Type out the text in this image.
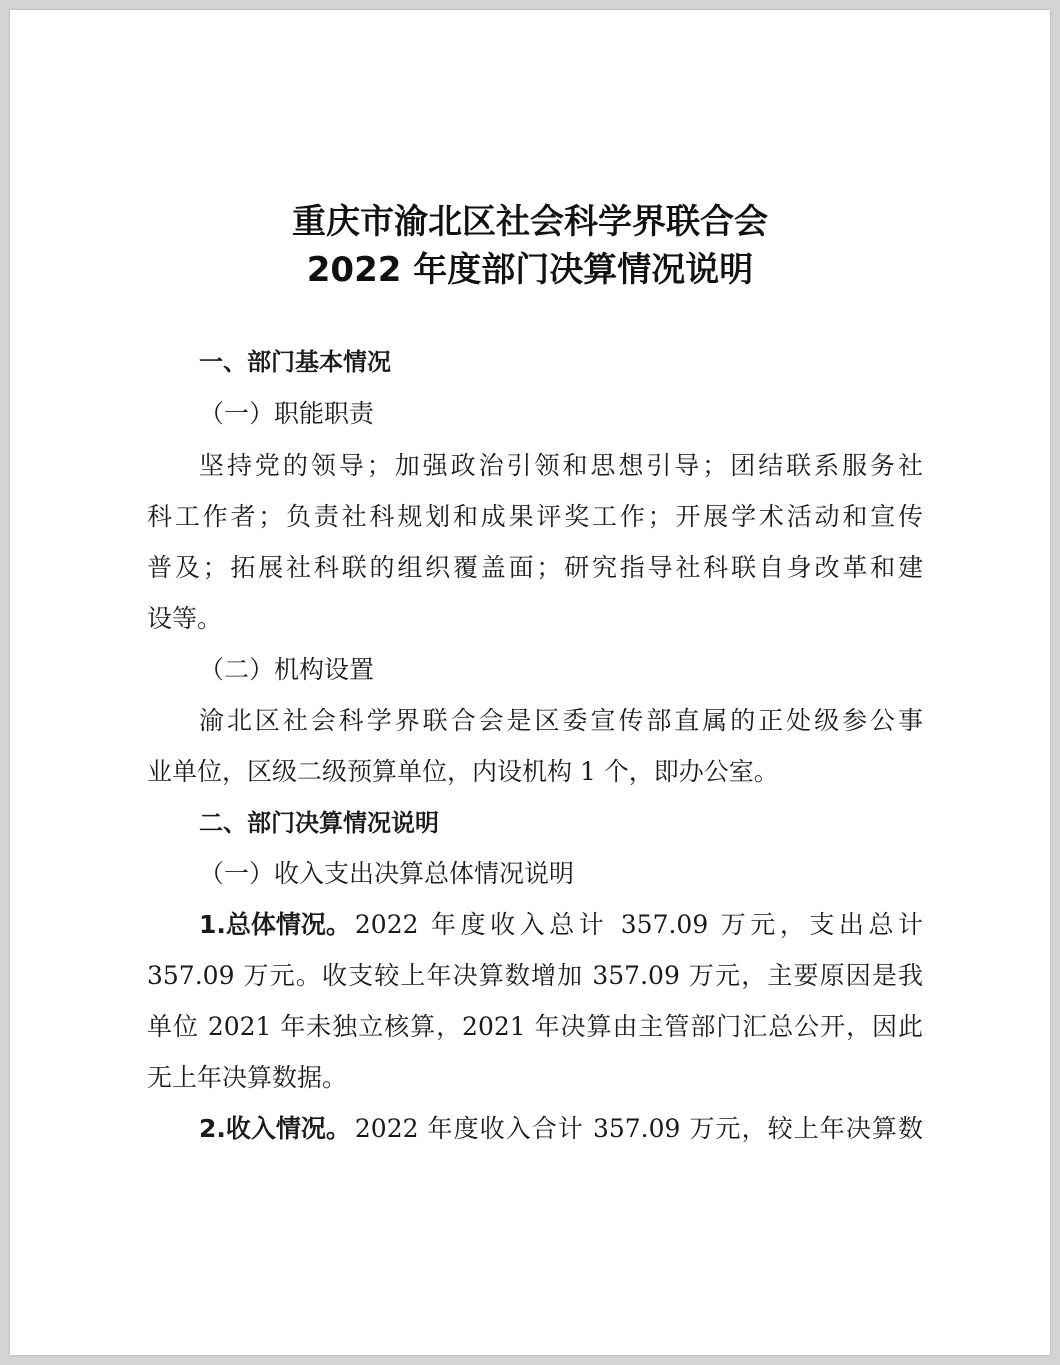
重庆市渝北区社会科学界联合会
2022 年度部门决算情况说明
一、部门基本情况
（一）职能职责
坚持党的领导；加强政治引领和思想引导；团结联系服务社
科工作者；负责社科规划和成果评奖工作；开展学术活动和宣传
普及；拓展社科联的组织覆盖面；研究指导社科联自身改革和建
设等。
（二）机构设置
渝北区社会科学界联合会是区委宣传部直属的正处级参公事
业单位，区级二级预算单位，内设机构 1 个，即办公室。
二、部门决算情况说明
（一）收入支出决算总体情况说明
1.总体情况。 2022 年度收入总计 357.09 万元，支出总计
357.09 万元。收支较上年决算数增加 357.09 万元，主要原因是我
单位 2021 年未独立核算，2021 年决算由主管部门汇总公开，因此
无上年决算数据。
2.收入情况。 2022 年度收入合计 357.09 万元，较上年决算数
